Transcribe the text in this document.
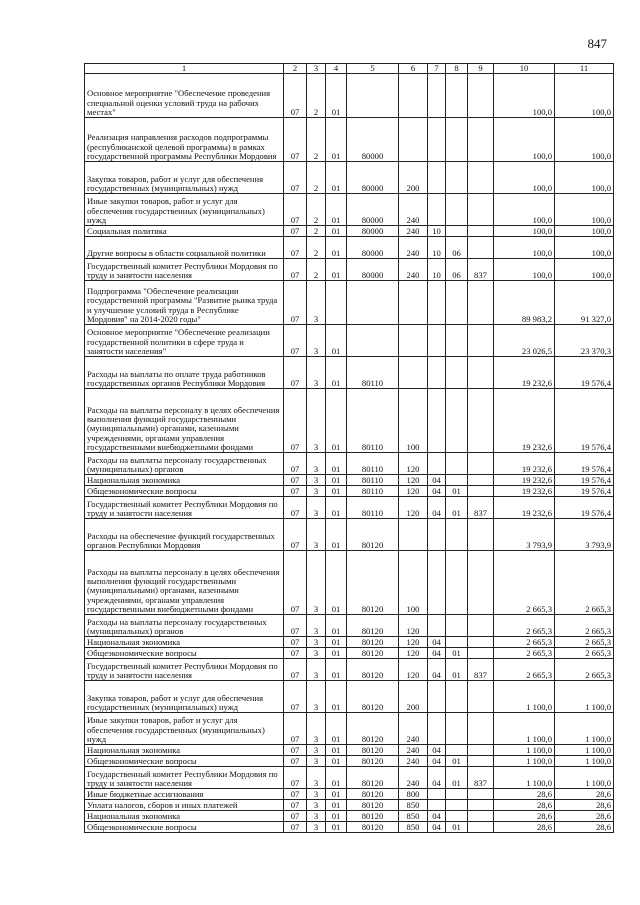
847
1	2	3	4	5	6	7	8	9	10	11
Основное мероприятие "Обеспечение проведения специальной оценки условий труда на рабочих местах"	07	2	01						100,0	100,0
Реализация направления расходов подпрограммы (республиканской целевой программы) в рамках государственной программы Республики Мордовия	07	2	01	80000					100,0	100,0
Закупка товаров, работ и услуг для обеспечения государственных (муниципальных) нужд	07	2	01	80000	200				100,0	100,0
Иные закупки товаров, работ и услуг для обеспечения государственных (муниципальных) нужд	07	2	01	80000	240				100,0	100,0
Социальная политика	07	2	01	80000	240	10			100,0	100,0
Другие вопросы в области социальной политики	07	2	01	80000	240	10	06		100,0	100,0
Государственный комитет Республики Мордовия по труду и занятости населения	07	2	01	80000	240	10	06	837	100,0	100,0
Подпрограмма "Обеспечение реализации государственной программы "Развитие рынка труда и улучшение условий труда в Республике Мордовия" на 2014-2020 годы"	07	3							89 983,2	91 327,0
Основное мероприятие "Обеспечение реализации государственной политики в сфере труда и занятости населения"	07	3	01						23 026,5	23 370,3
Расходы на выплаты по оплате труда работников государственных органов Республики Мордовия	07	3	01	80110					19 232,6	19 576,4
Расходы на выплаты персоналу в целях обеспечения выполнения функций государственными (муниципальными) органами, казенными учреждениями, органами управления государственными внебюджетными фондами	07	3	01	80110	100				19 232,6	19 576,4
Расходы на выплаты персоналу государственных (муниципальных) органов	07	3	01	80110	120				19 232,6	19 576,4
Национальная экономика	07	3	01	80110	120	04			19 232,6	19 576,4
Общеэкономические вопросы	07	3	01	80110	120	04	01		19 232,6	19 576,4
Государственный комитет Республики Мордовия по труду и занятости населения	07	3	01	80110	120	04	01	837	19 232,6	19 576,4
Расходы на обеспечение функций государственных органов Республики Мордовия	07	3	01	80120					3 793,9	3 793,9
Расходы на выплаты персоналу в целях обеспечения выполнения функций государственными (муниципальными) органами, казенными учреждениями, органами управления государственными внебюджетными фондами	07	3	01	80120	100				2 665,3	2 665,3
Расходы на выплаты персоналу государственных (муниципальных) органов	07	3	01	80120	120				2 665,3	2 665,3
Национальная экономика	07	3	01	80120	120	04			2 665,3	2 665,3
Общеэкономические вопросы	07	3	01	80120	120	04	01		2 665,3	2 665,3
Государственный комитет Республики Мордовия по труду и занятости населения	07	3	01	80120	120	04	01	837	2 665,3	2 665,3
Закупка товаров, работ и услуг для обеспечения государственных (муниципальных) нужд	07	3	01	80120	200				1 100,0	1 100,0
Иные закупки товаров, работ и услуг для обеспечения государственных (муниципальных) нужд	07	3	01	80120	240				1 100,0	1 100,0
Национальная экономика	07	3	01	80120	240	04			1 100,0	1 100,0
Общеэкономические вопросы	07	3	01	80120	240	04	01		1 100,0	1 100,0
Государственный комитет Республики Мордовия по труду и занятости населения	07	3	01	80120	240	04	01	837	1 100,0	1 100,0
Иные бюджетные ассигнования	07	3	01	80120	800				28,6	28,6
Уплата налогов, сборов и иных платежей	07	3	01	80120	850				28,6	28,6
Национальная экономика	07	3	01	80120	850	04			28,6	28,6
Общеэкономические вопросы	07	3	01	80120	850	04	01		28,6	28,6
